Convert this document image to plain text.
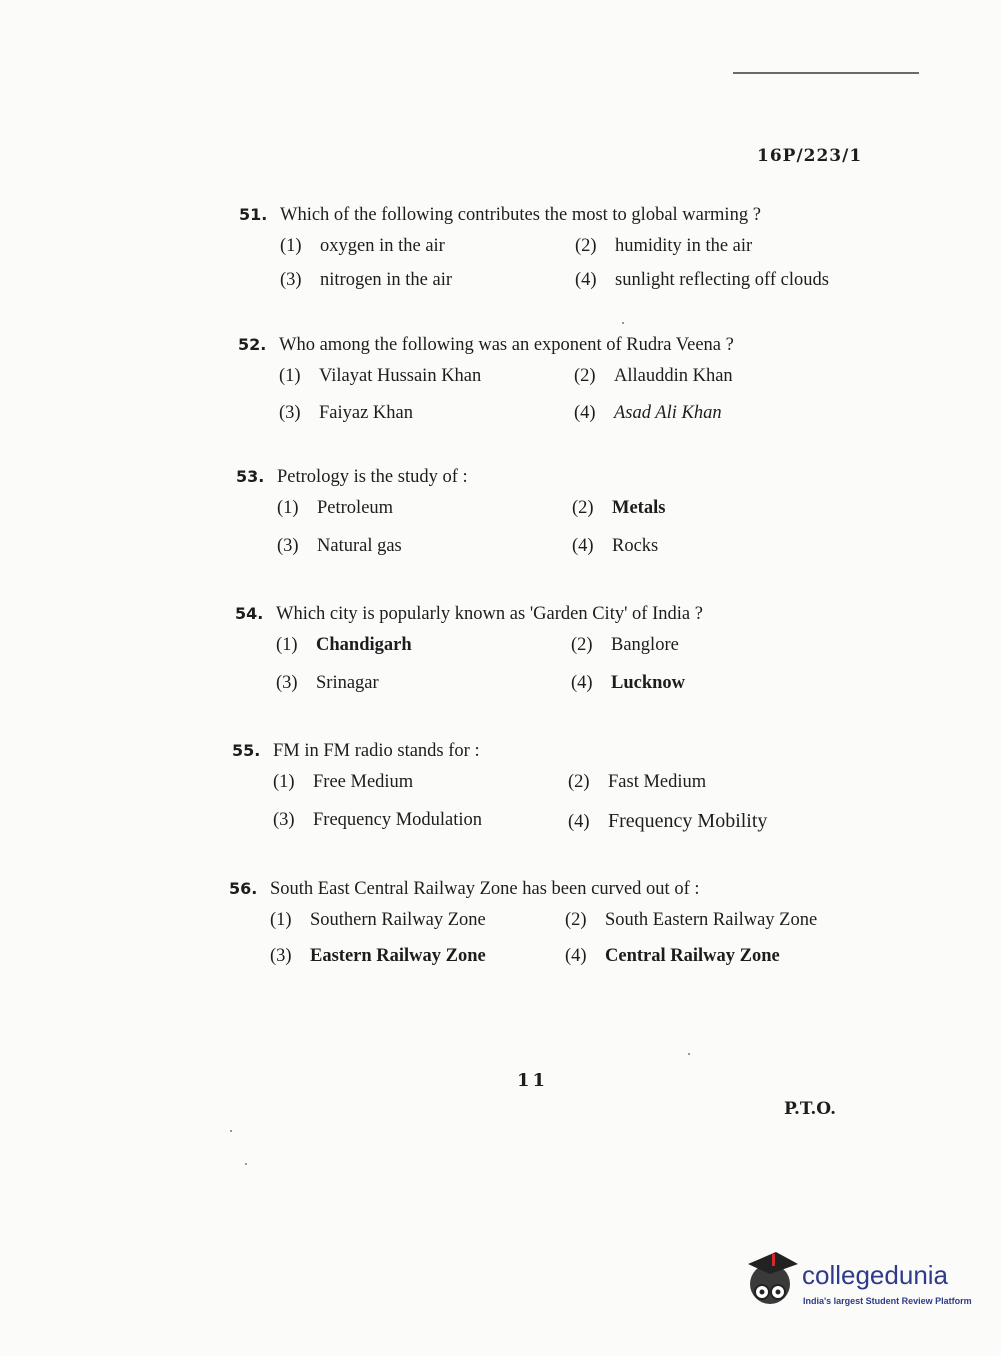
16P/223/1
51. Which of the following contributes the most to global warming ?
(1) oxygen in the air	(2) humidity in the air
(3) nitrogen in the air	(4) sunlight reflecting off clouds
52. Who among the following was an exponent of Rudra Veena ?
(1) Vilayat Hussain Khan	(2) Allauddin Khan
(3) Faiyaz Khan	(4) Asad Ali Khan
53. Petrology is the study of :
(1) Petroleum	(2) Metals
(3) Natural gas	(4) Rocks
54. Which city is popularly known as 'Garden City' of India ?
(1) Chandigarh	(2) Banglore
(3) Srinagar	(4) Lucknow
55. FM in FM radio stands for :
(1) Free Medium	(2) Fast Medium
(3) Frequency Modulation	(4) Frequency Mobility
56. South East Central Railway Zone has been curved out of :
(1) Southern Railway Zone	(2) South Eastern Railway Zone
(3) Eastern Railway Zone	(4) Central Railway Zone
11
P.T.O.
collegedunia
India's largest Student Review Platform
